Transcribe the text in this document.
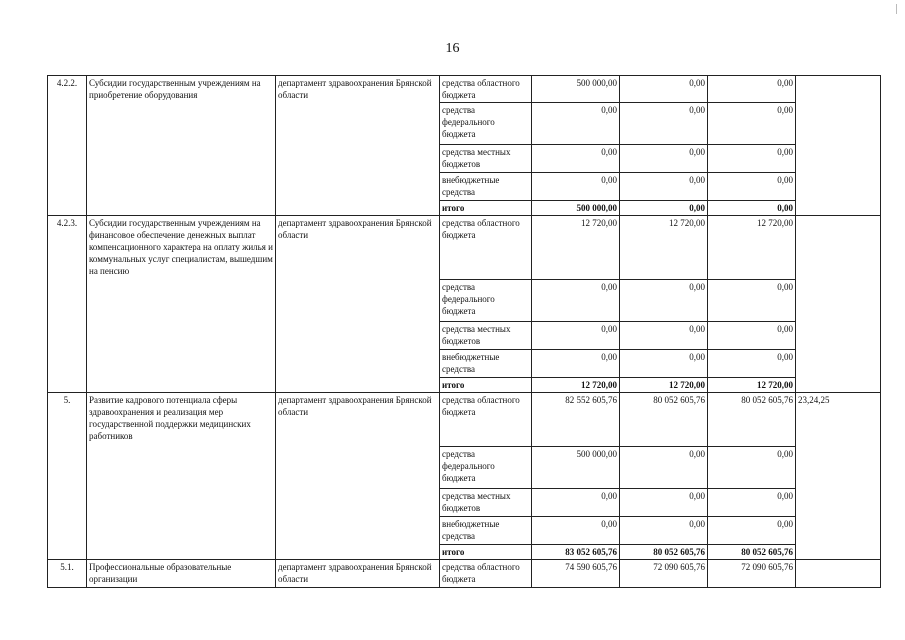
16
4.2.2.	Субсидии государственным учреждениям на приобретение оборудования	департамент здравоохранения Брянской области	средства областного бюджета	500 000,00	0,00	0,00	
			средства федерального бюджета	0,00	0,00	0,00	
			средства местных бюджетов	0,00	0,00	0,00	
			внебюджетные средства	0,00	0,00	0,00	
			итого	500 000,00	0,00	0,00	
4.2.3.	Субсидии государственным учреждениям на финансовое обеспечение денежных выплат компенсационного характера на оплату жилья и коммунальных услуг специалистам, вышедшим на пенсию	департамент здравоохранения Брянской области	средства областного бюджета	12 720,00	12 720,00	12 720,00	
			средства федерального бюджета	0,00	0,00	0,00	
			средства местных бюджетов	0,00	0,00	0,00	
			внебюджетные средства	0,00	0,00	0,00	
			итого	12 720,00	12 720,00	12 720,00	
5.	Развитие кадрового потенциала сферы здравоохранения и реализация мер государственной поддержки медицинских работников	департамент здравоохранения Брянской области	средства областного бюджета	82 552 605,76	80 052 605,76	80 052 605,76	23,24,25
			средства федерального бюджета	500 000,00	0,00	0,00	
			средства местных бюджетов	0,00	0,00	0,00	
			внебюджетные средства	0,00	0,00	0,00	
			итого	83 052 605,76	80 052 605,76	80 052 605,76	
5.1.	Профессиональные образовательные организации	департамент здравоохранения Брянской области	средства областного бюджета	74 590 605,76	72 090 605,76	72 090 605,76	
